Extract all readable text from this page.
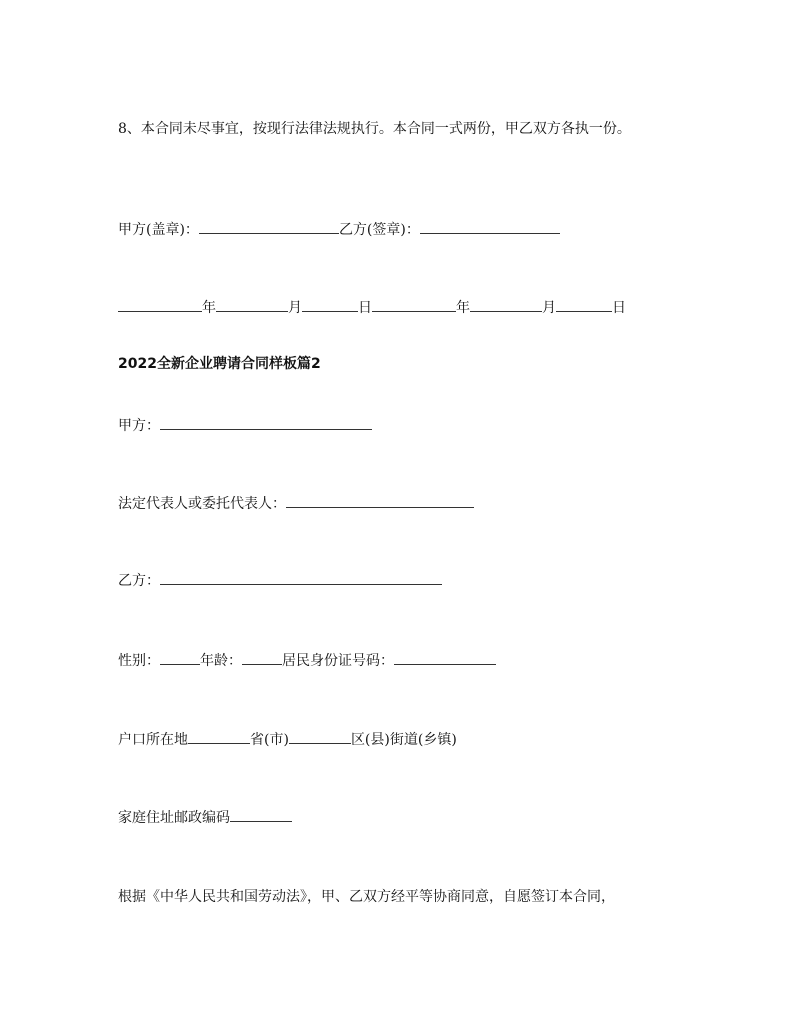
8、本合同未尽事宜，按现行法律法规执行。本合同一式两份，甲乙双方各执一份。
甲方(盖章)：	乙方(签章)：
年	月	日	年	月	日
2022全新企业聘请合同样板篇2
甲方：
法定代表人或委托代表人：
乙方：
性别：	年龄：	居民身份证号码：
户口所在地	省(市)	区(县)街道(乡镇)
家庭住址邮政编码
根据《中华人民共和国劳动法》，甲、乙双方经平等协商同意，自愿签订本合同，
